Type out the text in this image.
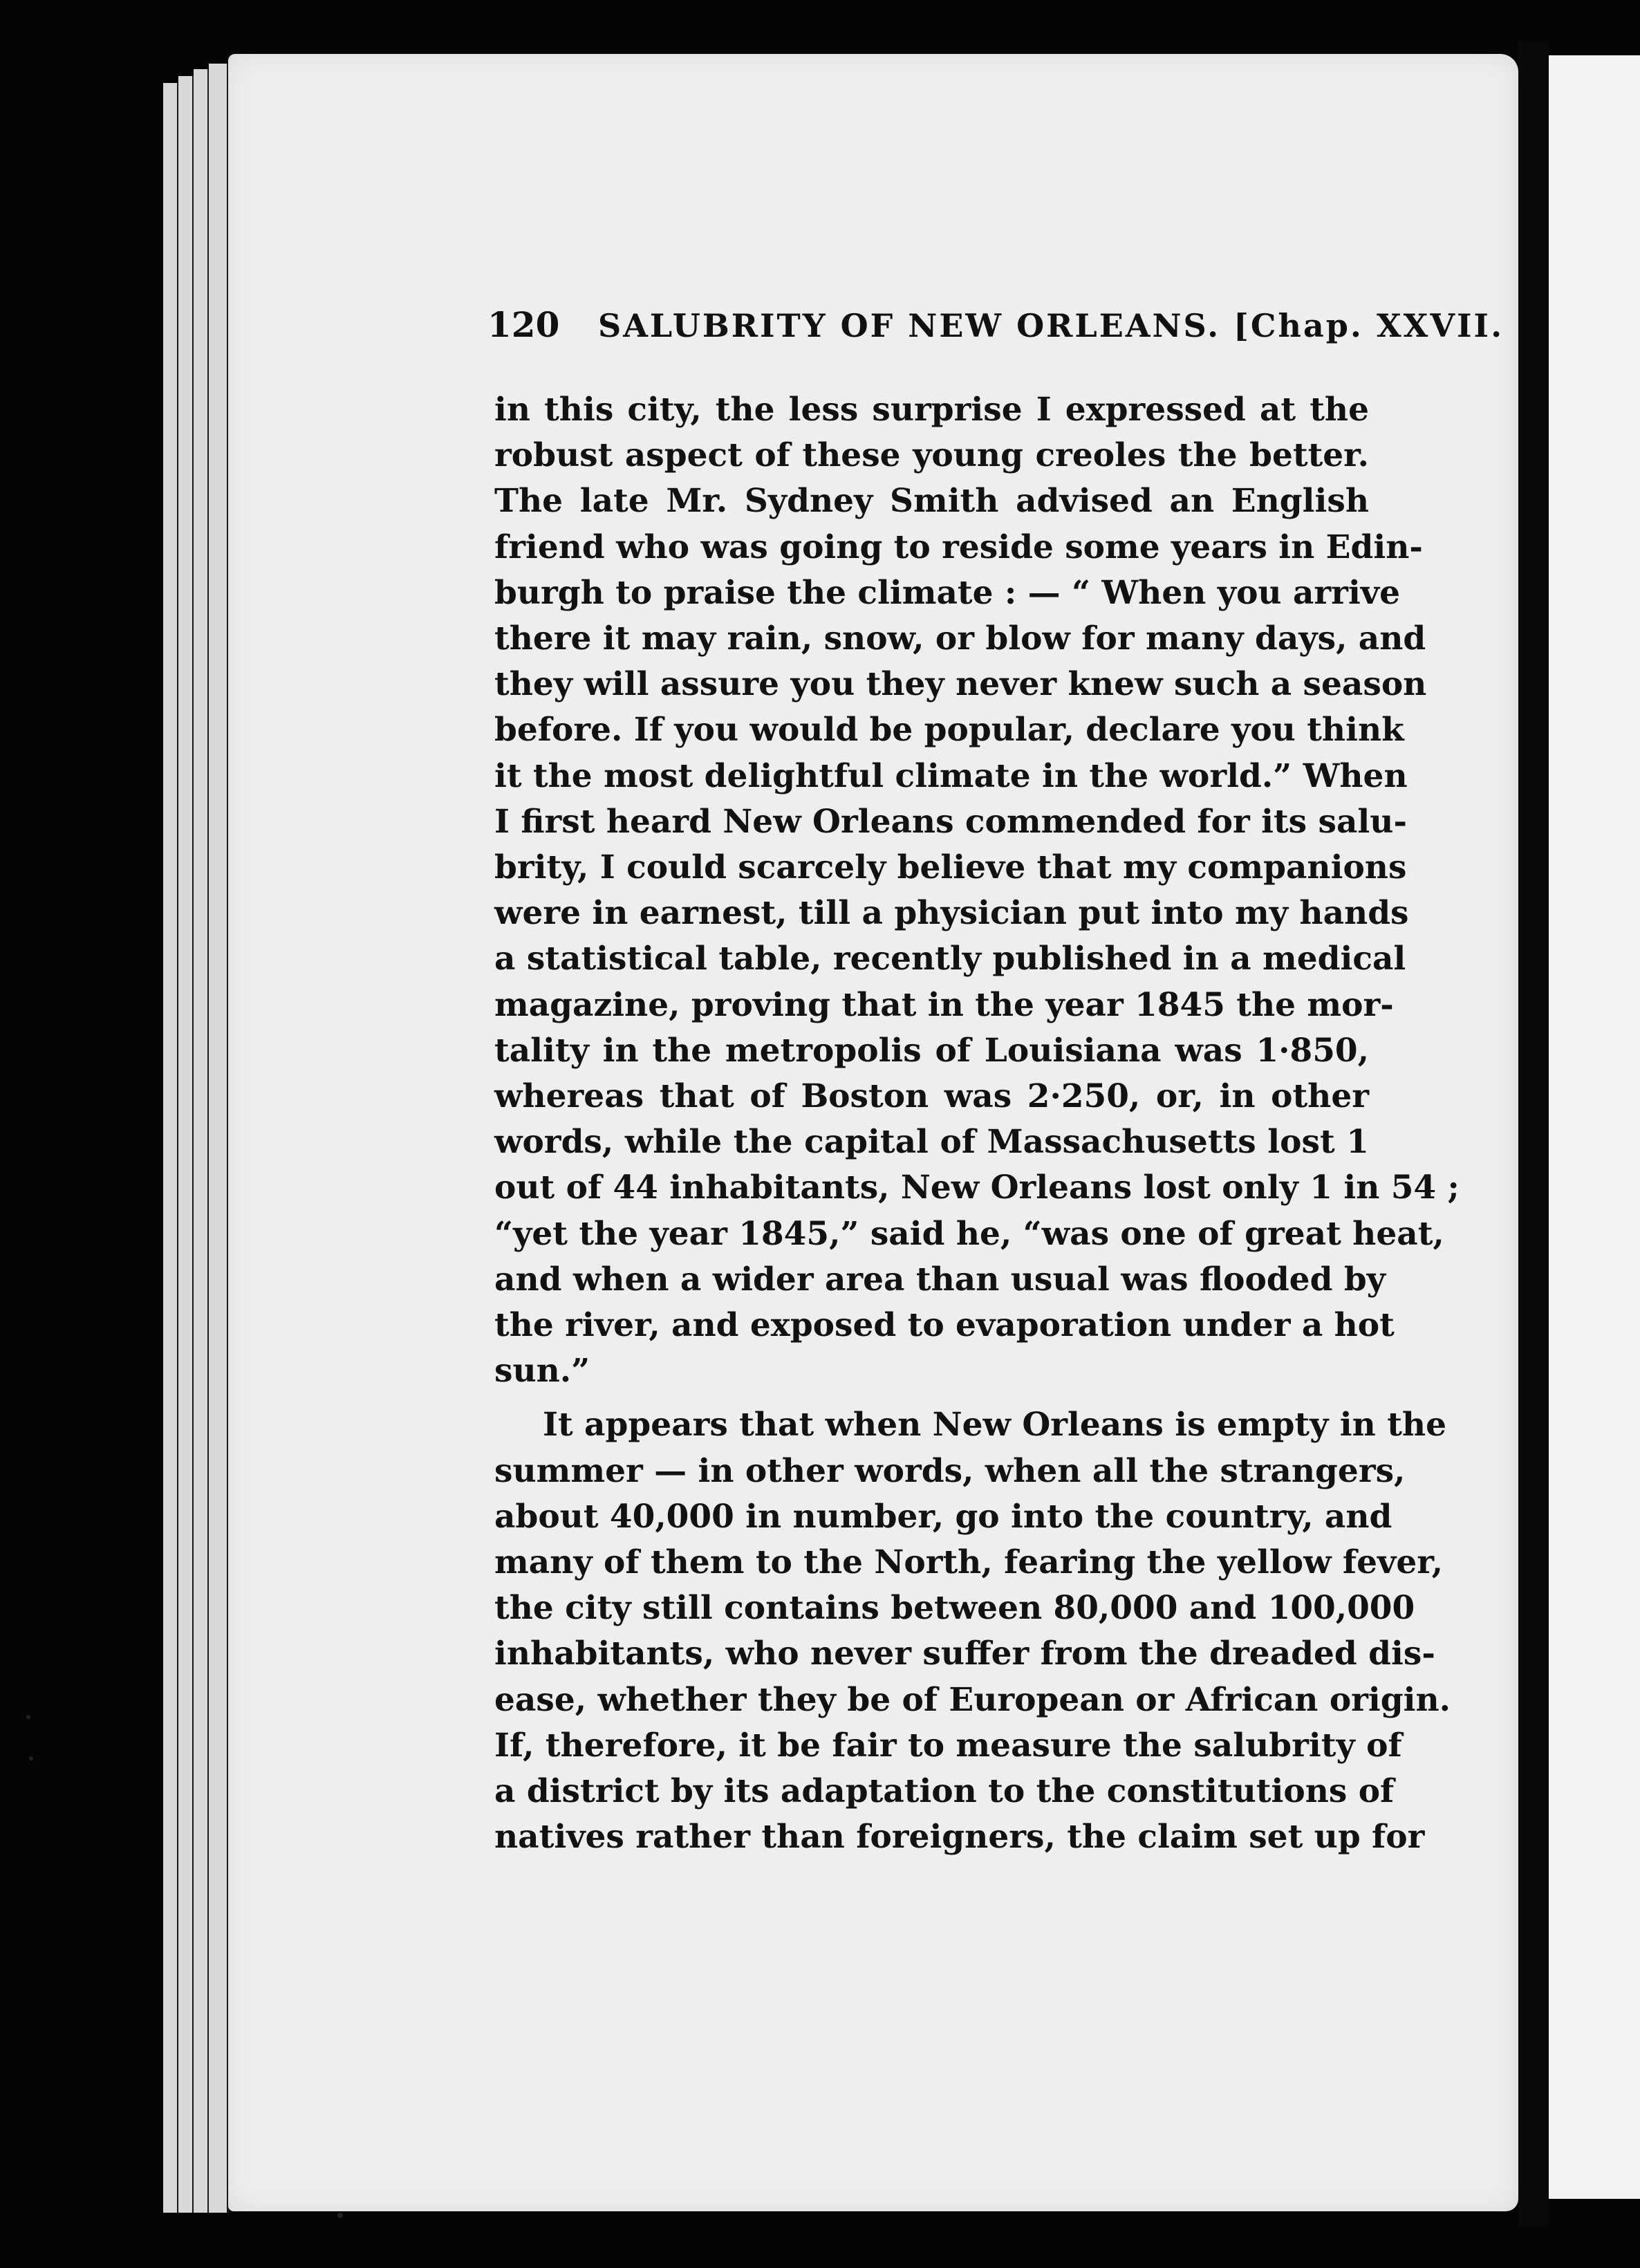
120 SALUBRITY OF NEW ORLEANS. [Chap. XXVII.
in this city, the less surprise I expressed at the
robust aspect of these young creoles the better.
The late Mr. Sydney Smith advised an English
friend who was going to reside some years in Edin-
burgh to praise the climate : — “ When you arrive
there it may rain, snow, or blow for many days, and
they will assure you they never knew such a season
before. If you would be popular, declare you think
it the most delightful climate in the world.” When
I first heard New Orleans commended for its salu-
brity, I could scarcely believe that my companions
were in earnest, till a physician put into my hands
a statistical table, recently published in a medical
magazine, proving that in the year 1845 the mor-
tality in the metropolis of Louisiana was 1·850,
whereas that of Boston was 2·250, or, in other
words, while the capital of Massachusetts lost 1
out of 44 inhabitants, New Orleans lost only 1 in 54 ;
“yet the year 1845,” said he, “was one of great heat,
and when a wider area than usual was flooded by
the river, and exposed to evaporation under a hot
sun.”
It appears that when New Orleans is empty in the
summer — in other words, when all the strangers,
about 40,000 in number, go into the country, and
many of them to the North, fearing the yellow fever,
the city still contains between 80,000 and 100,000
inhabitants, who never suffer from the dreaded dis-
ease, whether they be of European or African origin.
If, therefore, it be fair to measure the salubrity of
a district by its adaptation to the constitutions of
natives rather than foreigners, the claim set up for
